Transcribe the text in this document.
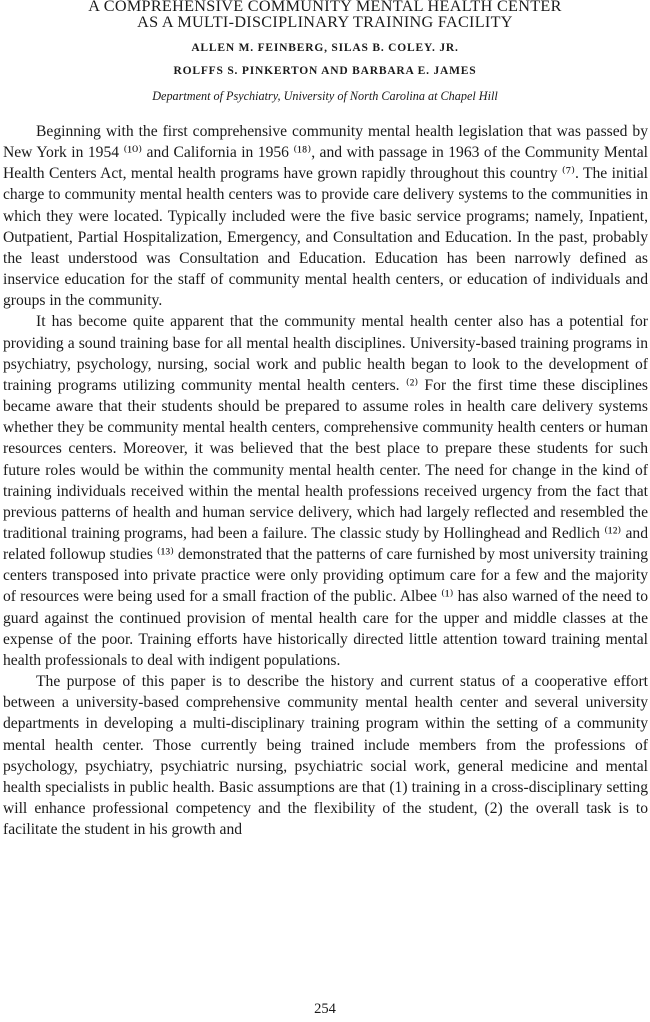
A COMPREHENSIVE COMMUNITY MENTAL HEALTH CENTER
AS A MULTI-DISCIPLINARY TRAINING FACILITY
ALLEN M. FEINBERG, SILAS B. COLEY. JR.
ROLFFS S. PINKERTON AND BARBARA E. JAMES
Department of Psychiatry, University of North Carolina at Chapel Hill

Beginning with the first comprehensive community mental health legislation that was passed by New York in 1954 ⁽¹⁰⁾ and California in 1956 ⁽¹⁸⁾, and with passage in 1963 of the Community Mental Health Centers Act, mental health programs have grown rapidly throughout this country ⁽⁷⁾. The initial charge to community mental health centers was to provide care delivery systems to the communities in which they were located. Typically included were the five basic service programs; namely, Inpatient, Outpatient, Partial Hospitalization, Emergency, and Consultation and Education. In the past, probably the least understood was Consultation and Education. Education has been narrowly defined as inservice education for the staff of community mental health centers, or education of individuals and groups in the community.

It has become quite apparent that the community mental health center also has a potential for providing a sound training base for all mental health disciplines. University-based training programs in psychiatry, psychology, nursing, social work and public health began to look to the development of training programs utilizing community mental health centers. ⁽²⁾ For the first time these disciplines became aware that their students should be prepared to assume roles in health care delivery systems whether they be community mental health centers, comprehensive community health centers or human resources centers. Moreover, it was believed that the best place to prepare these students for such future roles would be within the community mental health center. The need for change in the kind of training individuals received within the mental health professions received urgency from the fact that previous patterns of health and human service delivery, which had largely reflected and resembled the traditional training programs, had been a failure. The classic study by Hollinghead and Redlich ⁽¹²⁾ and related followup studies ⁽¹³⁾ demonstrated that the patterns of care furnished by most university training centers transposed into private practice were only providing optimum care for a few and the majority of resources were being used for a small fraction of the public. Albee ⁽¹⁾ has also warned of the need to guard against the continued provision of mental health care for the upper and middle classes at the expense of the poor. Training efforts have historically directed little attention toward training mental health professionals to deal with indigent populations.

The purpose of this paper is to describe the history and current status of a cooperative effort between a university-based comprehensive community mental health center and several university departments in developing a multi-disciplinary training program within the setting of a community mental health center. Those currently being trained include members from the professions of psychology, psychiatry, psychiatric nursing, psychiatric social work, general medicine and mental health specialists in public health. Basic assumptions are that (1) training in a cross-disciplinary setting will enhance professional competency and the flexibility of the student, (2) the overall task is to facilitate the student in his growth and

254
